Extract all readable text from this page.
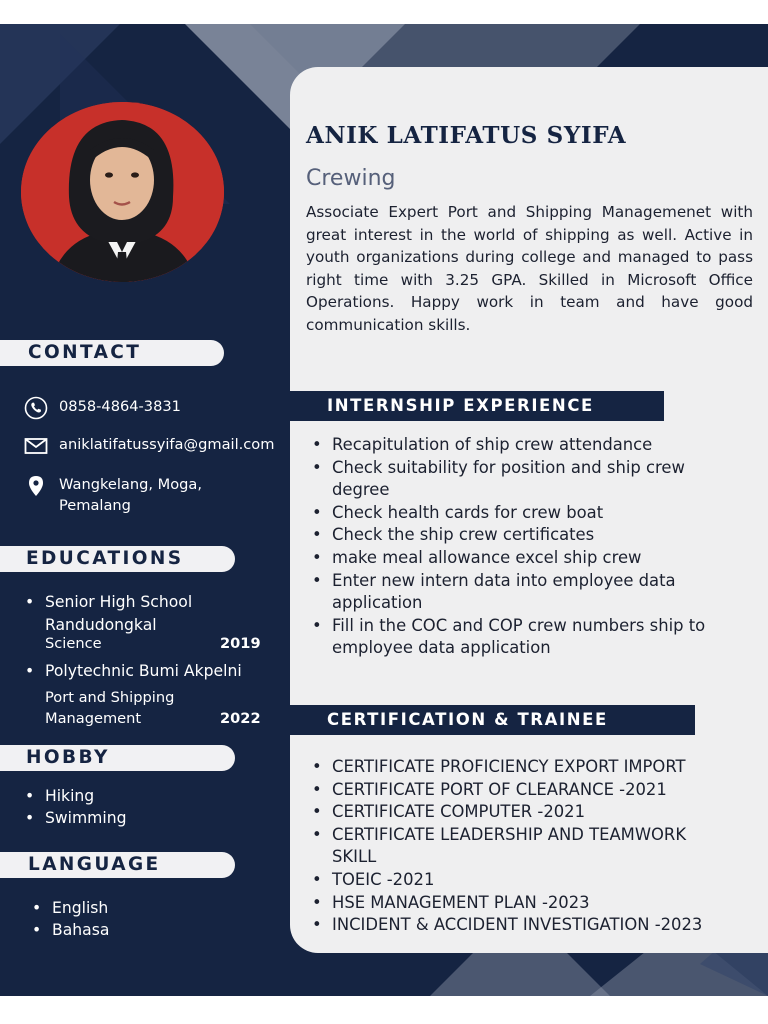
ANIK LATIFATUS SYIFA
Crewing
Associate Expert Port and Shipping Managemenet with great interest in the world of shipping as well. Active in youth organizations during college and managed to pass right time with 3.25 GPA. Skilled in Microsoft Office Operations. Happy work in team and have good communication skills.
CONTACT
0858-4864-3831
aniklatifatussyifa@gmail.com
Wangkelang, Moga,
Pemalang
EDUCATIONS
• Senior High School
Randudongkal
Science	2019
• Polytechnic Bumi Akpelni
Port and Shipping
Management	2022
HOBBY
• Hiking
• Swimming
LANGUAGE
• English
• Bahasa
INTERNSHIP EXPERIENCE
• Recapitulation of ship crew attendance
• Check suitability for position and ship crew degree
• Check health cards for crew boat
• Check the ship crew certificates
• make meal allowance excel ship crew
• Enter new intern data into employee data application
• Fill in the COC and COP crew numbers ship to employee data application
CERTIFICATION & TRAINEE
• CERTIFICATE PROFICIENCY EXPORT IMPORT
• CERTIFICATE PORT OF CLEARANCE -2021
• CERTIFICATE COMPUTER -2021
• CERTIFICATE LEADERSHIP AND TEAMWORK SKILL
• TOEIC -2021
• HSE MANAGEMENT PLAN -2023
• INCIDENT & ACCIDENT INVESTIGATION -2023
